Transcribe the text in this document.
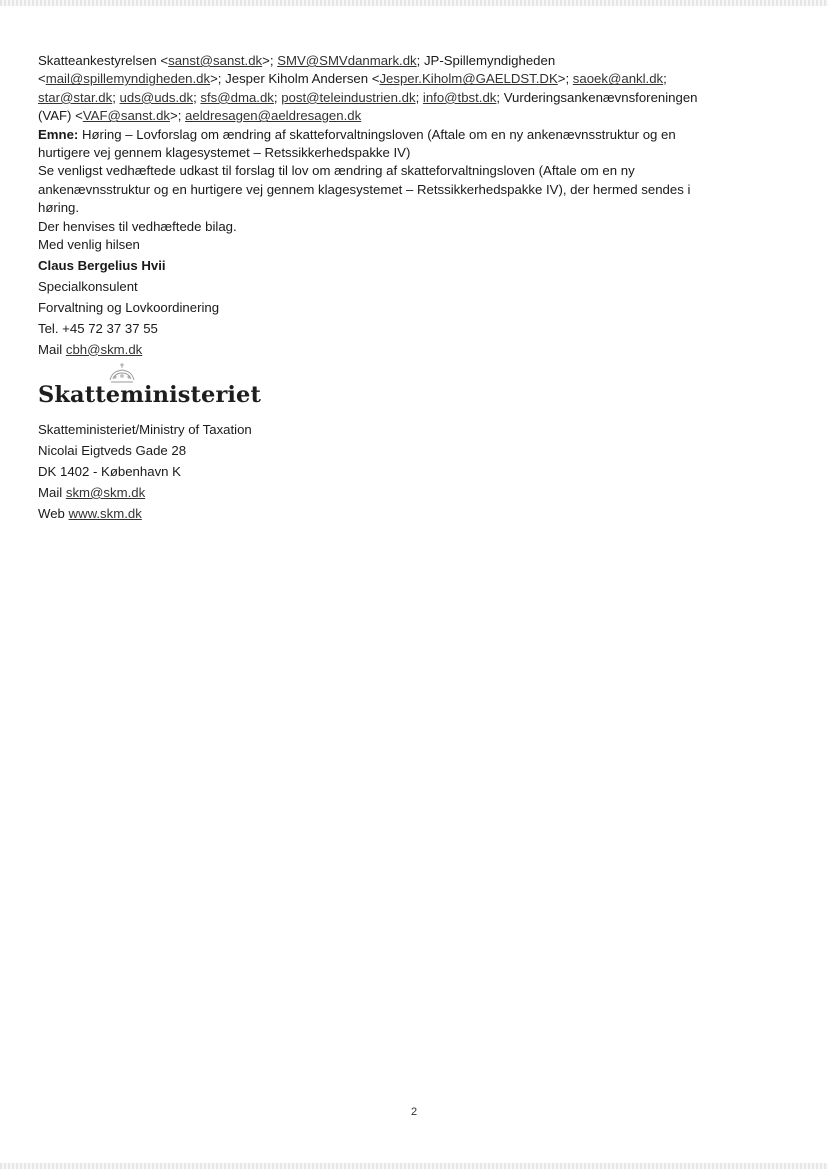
Skatteankestyrelsen <sanst@sanst.dk>; SMV@SMVdanmark.dk; JP-Spillemyndigheden
<mail@spillemyndigheden.dk>; Jesper Kiholm Andersen <Jesper.Kiholm@GAELDST.DK>; saoek@ankl.dk;
star@star.dk; uds@uds.dk; sfs@dma.dk; post@teleindustrien.dk; info@tbst.dk; Vurderingsankenævnsforeningen
(VAF) <VAF@sanst.dk>; aeldresagen@aeldresagen.dk

Emne: Høring – Lovforslag om ændring af skatteforvaltningsloven (Aftale om en ny ankenævnsstruktur og en
hurtigere vej gennem klagesystemet – Retssikkerhedspakke IV)

Se venligst vedhæftede udkast til forslag til lov om ændring af skatteforvaltningsloven (Aftale om en ny
ankenævnsstruktur og en hurtigere vej gennem klagesystemet – Retssikkerhedspakke IV), der hermed sendes i
høring.
Der henvises til vedhæftede bilag.
Med venlig hilsen

Claus Bergelius Hvii
Specialkonsulent
Forvaltning og Lovkoordinering
Tel. +45 72 37 37 55
Mail cbh@skm.dk
Skatteministeriet
Skatteministeriet/Ministry of Taxation
Nicolai Eigtveds Gade 28
DK 1402 - København K
Mail skm@skm.dk
Web www.skm.dk
2
